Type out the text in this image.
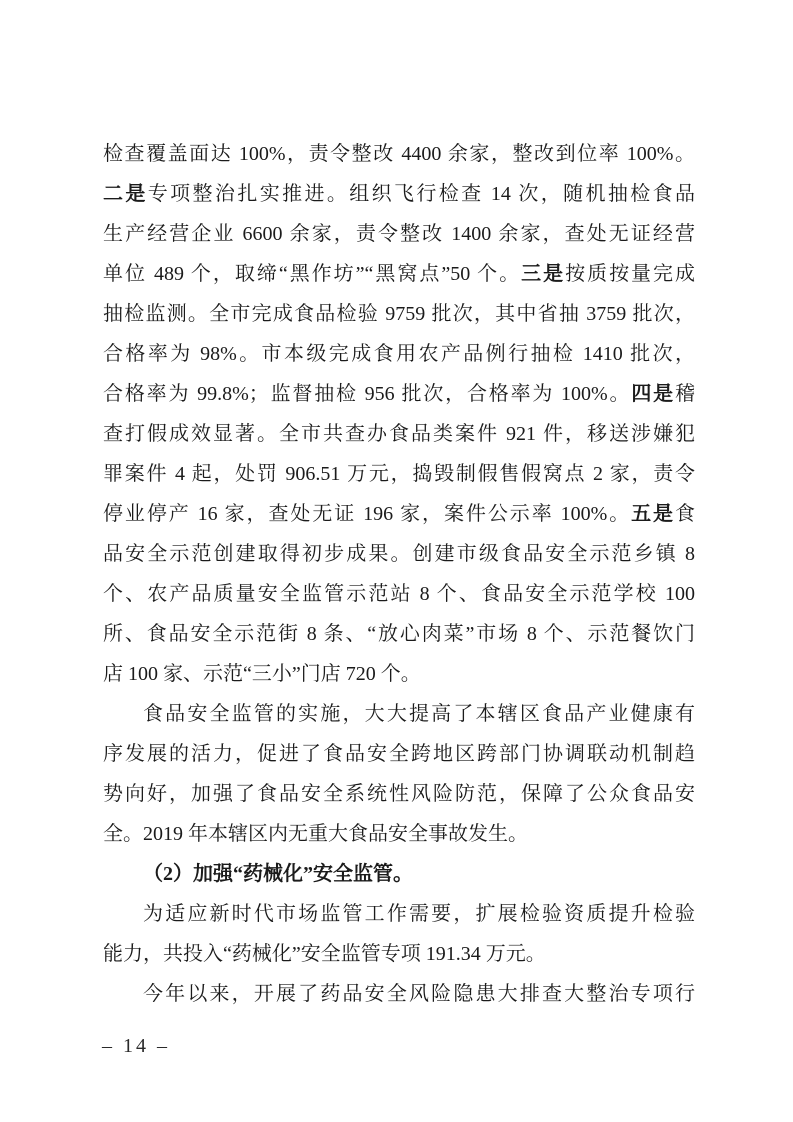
检查覆盖面达 100%，责令整改 4400 余家，整改到位率 100%。
二是专项整治扎实推进。组织飞行检查 14 次，随机抽检食品
生产经营企业 6600 余家，责令整改 1400 余家，查处无证经营
单位 489 个，取缔“黑作坊”“黑窝点”50 个。三是按质按量完成
抽检监测。全市完成食品检验 9759 批次，其中省抽 3759 批次，
合格率为 98%。市本级完成食用农产品例行抽检 1410 批次，
合格率为 99.8%；监督抽检 956 批次，合格率为 100%。四是稽
查打假成效显著。全市共查办食品类案件 921 件，移送涉嫌犯
罪案件 4 起，处罚 906.51 万元，捣毁制假售假窝点 2 家，责令
停业停产 16 家，查处无证 196 家，案件公示率 100%。五是食
品安全示范创建取得初步成果。创建市级食品安全示范乡镇 8
个、农产品质量安全监管示范站 8 个、食品安全示范学校 100
所、食品安全示范街 8 条、“放心肉菜”市场 8 个、示范餐饮门
店 100 家、示范“三小”门店 720 个。
食品安全监管的实施，大大提高了本辖区食品产业健康有
序发展的活力，促进了食品安全跨地区跨部门协调联动机制趋
势向好，加强了食品安全系统性风险防范，保障了公众食品安
全。2019 年本辖区内无重大食品安全事故发生。
（2）加强“药械化”安全监管。
为适应新时代市场监管工作需要，扩展检验资质提升检验
能力，共投入“药械化”安全监管专项 191.34 万元。
今年以来，开展了药品安全风险隐患大排查大整治专项行
– 14 –
